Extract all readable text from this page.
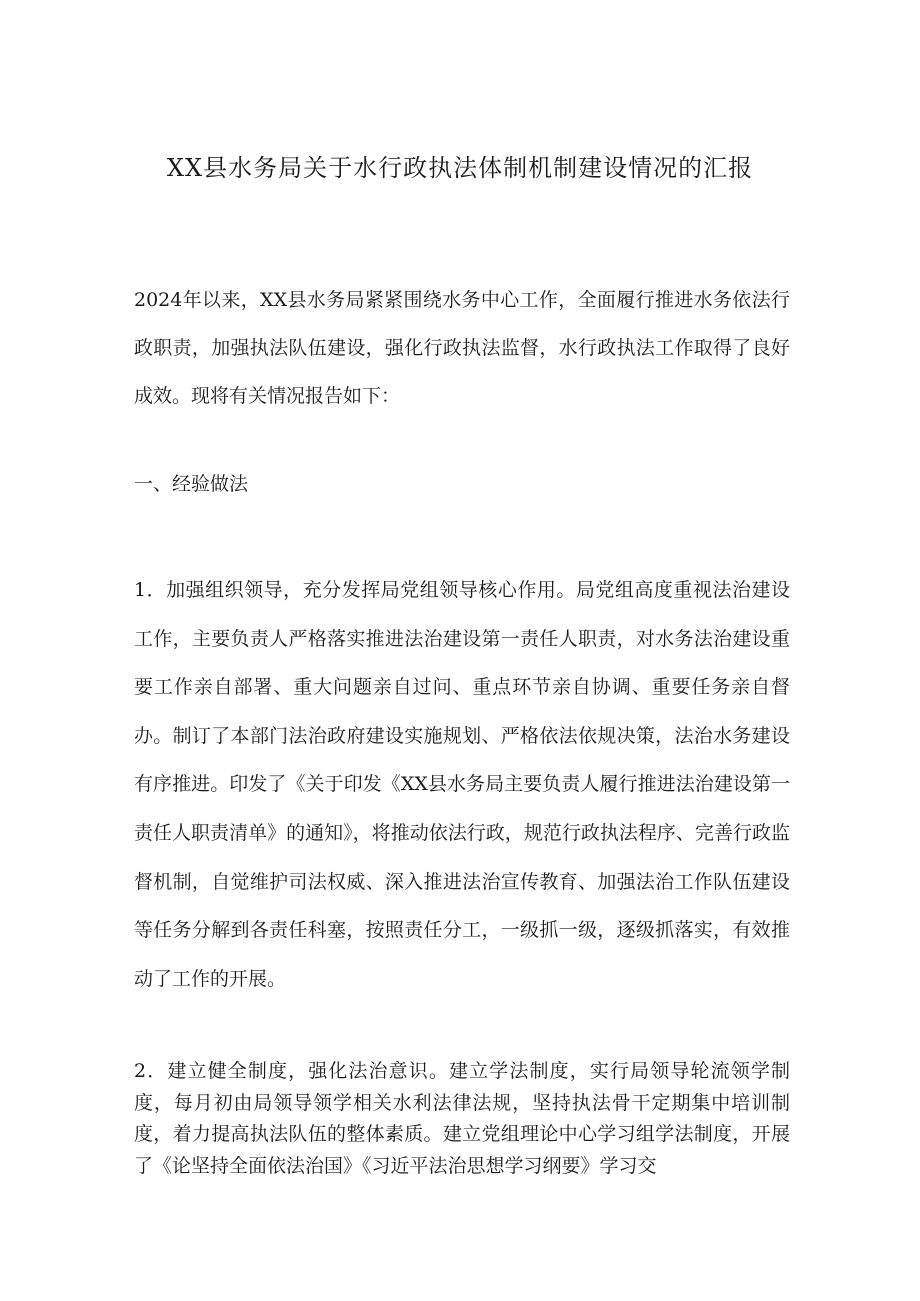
XX县水务局关于水行政执法体制机制建设情况的汇报

2024年以来，XX县水务局紧紧围绕水务中心工作，全面履行推进水务依法行政职责，加强执法队伍建设，强化行政执法监督，水行政执法工作取得了良好成效。现将有关情况报告如下：

一、经验做法

1．加强组织领导，充分发挥局党组领导核心作用。局党组高度重视法治建设工作，主要负责人严格落实推进法治建设第一责任人职责，对水务法治建设重要工作亲自部署、重大问题亲自过问、重点环节亲自协调、重要任务亲自督办。制订了本部门法治政府建设实施规划、严格依法依规决策，法治水务建设有序推进。印发了《关于印发《XX县水务局主要负责人履行推进法治建设第一责任人职责清单》的通知》，将推动依法行政，规范行政执法程序、完善行政监督机制，自觉维护司法权威、深入推进法治宣传教育、加强法治工作队伍建设等任务分解到各责任科塞，按照责任分工，一级抓一级，逐级抓落实，有效推动了工作的开展。

2．建立健全制度，强化法治意识。建立学法制度，实行局领导轮流领学制度，每月初由局领导领学相关水利法律法规，坚持执法骨干定期集中培训制度，着力提高执法队伍的整体素质。建立党组理论中心学习组学法制度，开展了《论坚持全面依法治国》《习近平法治思想学习纲要》学习交
